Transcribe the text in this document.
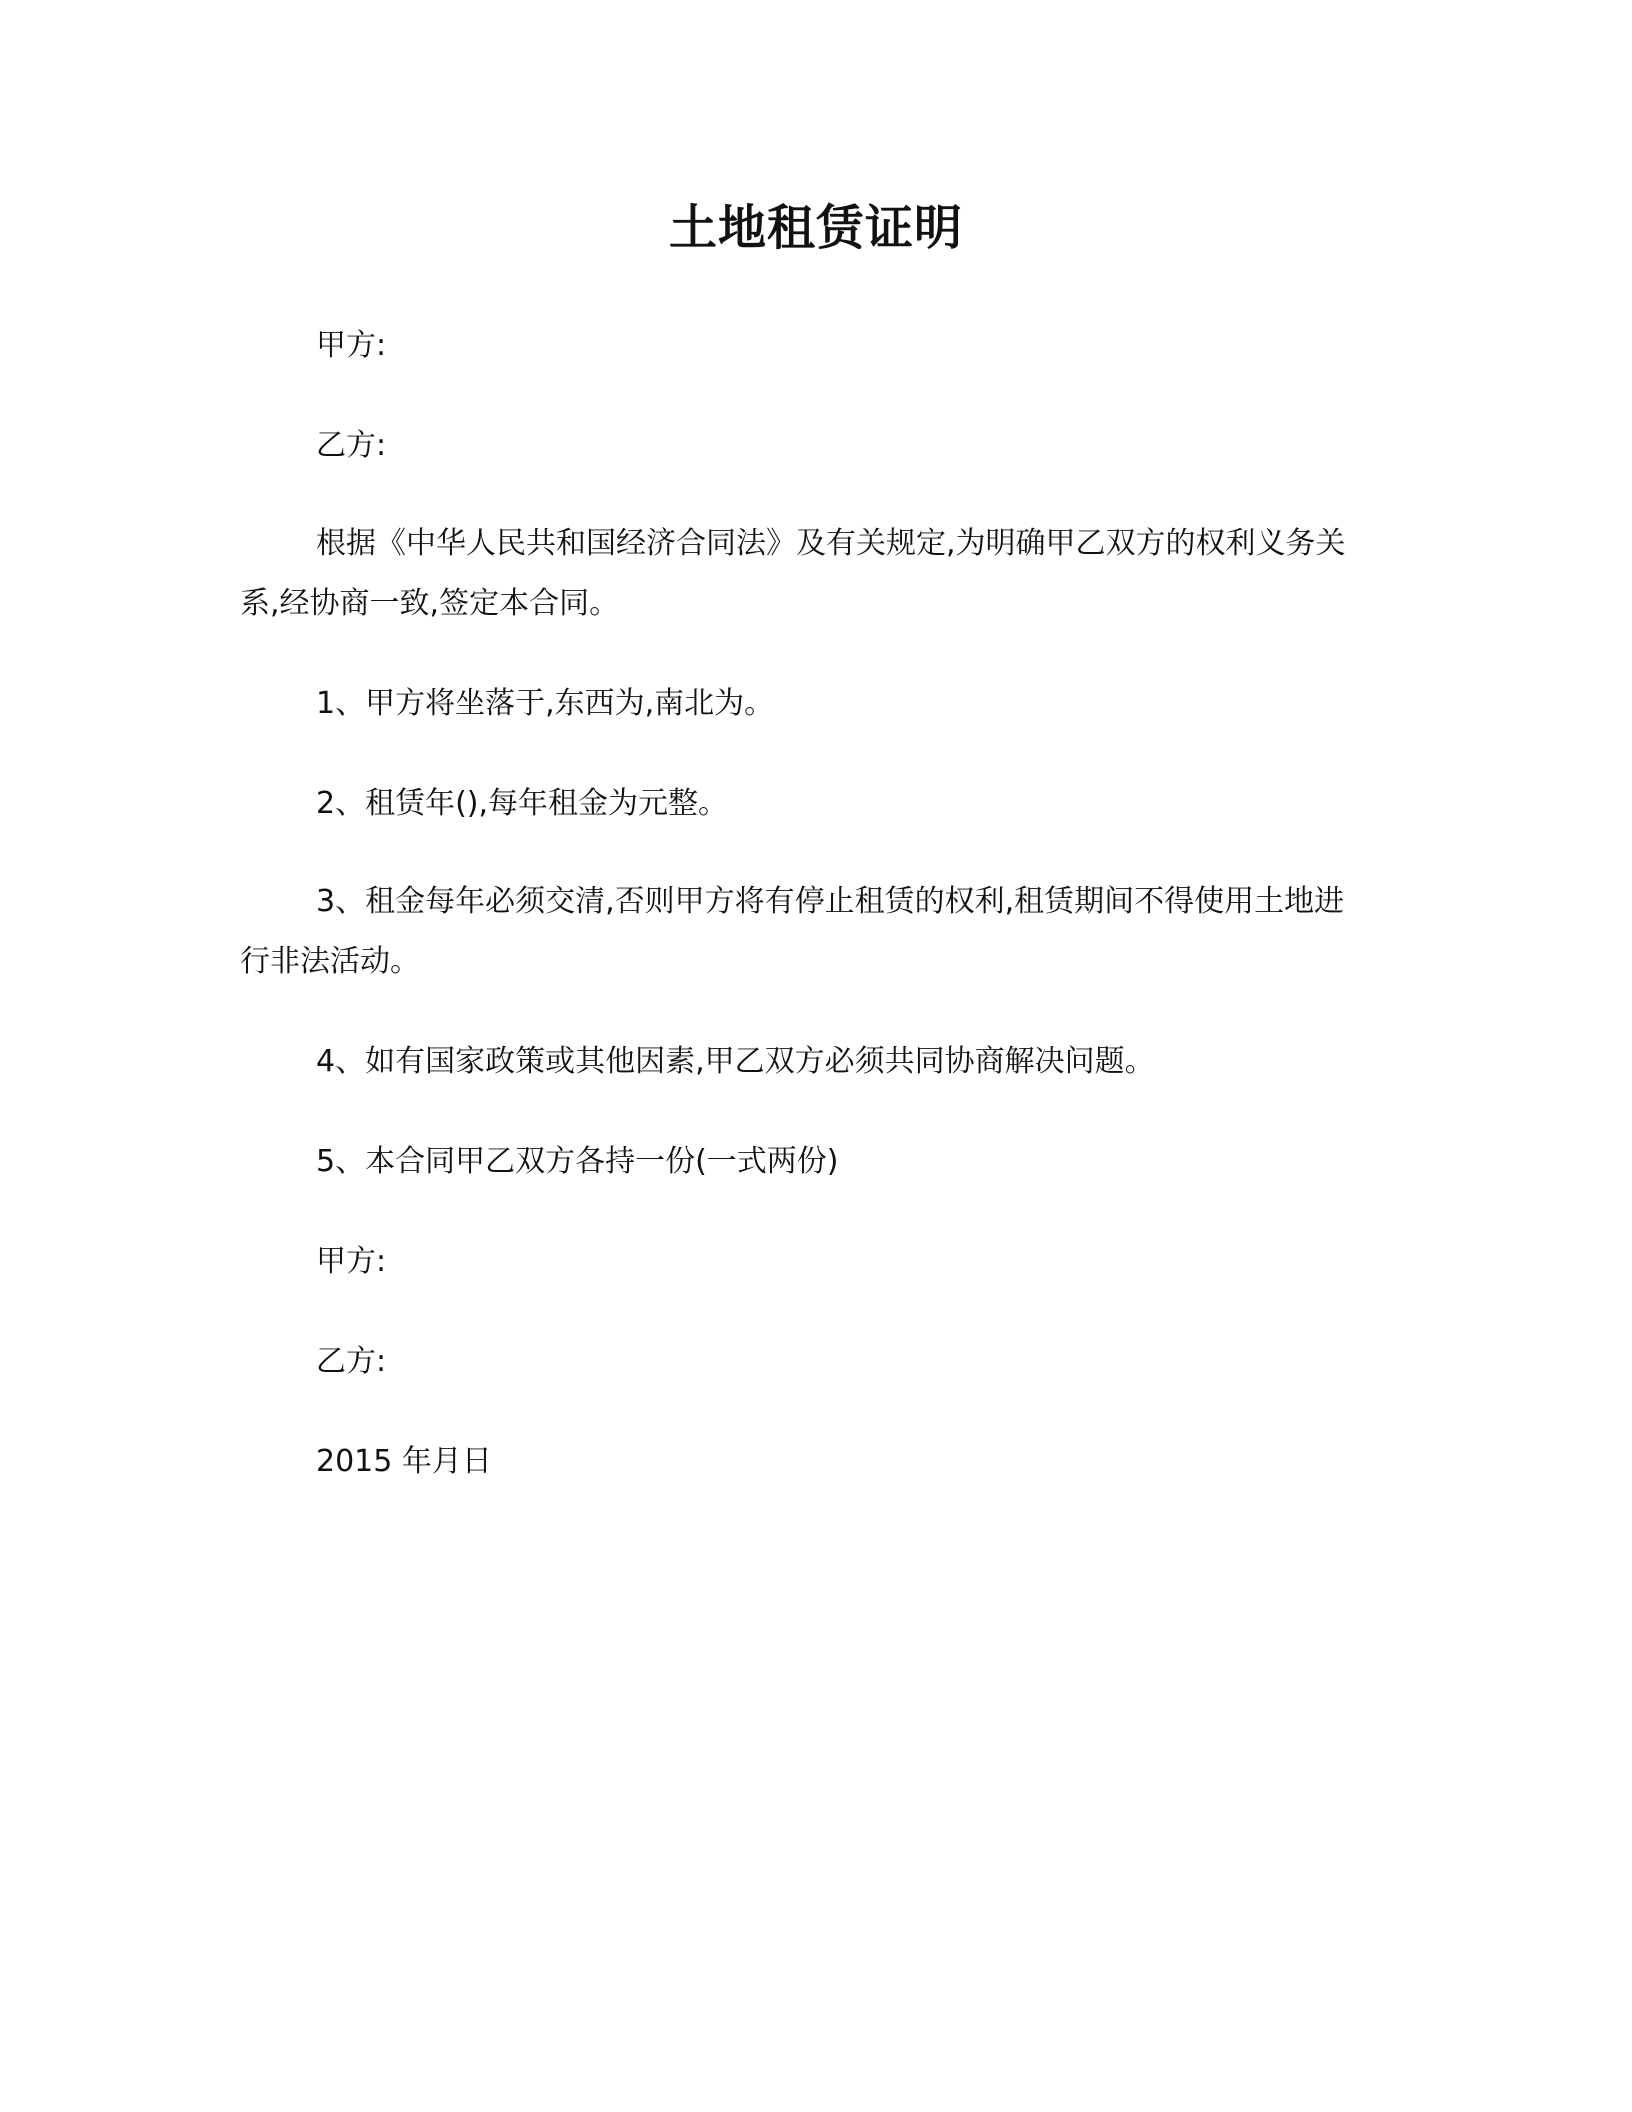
土地租赁证明

甲方:

乙方:

根据《中华人民共和国经济合同法》及有关规定,为明确甲乙双方的权利义务关系,经协商一致,签定本合同。

1、甲方将坐落于,东西为,南北为。

2、租赁年(),每年租金为元整。

3、租金每年必须交清,否则甲方将有停止租赁的权利,租赁期间不得使用土地进行非法活动。

4、如有国家政策或其他因素,甲乙双方必须共同协商解决问题。

5、本合同甲乙双方各持一份(一式两份)

甲方:

乙方:

2015 年月日
